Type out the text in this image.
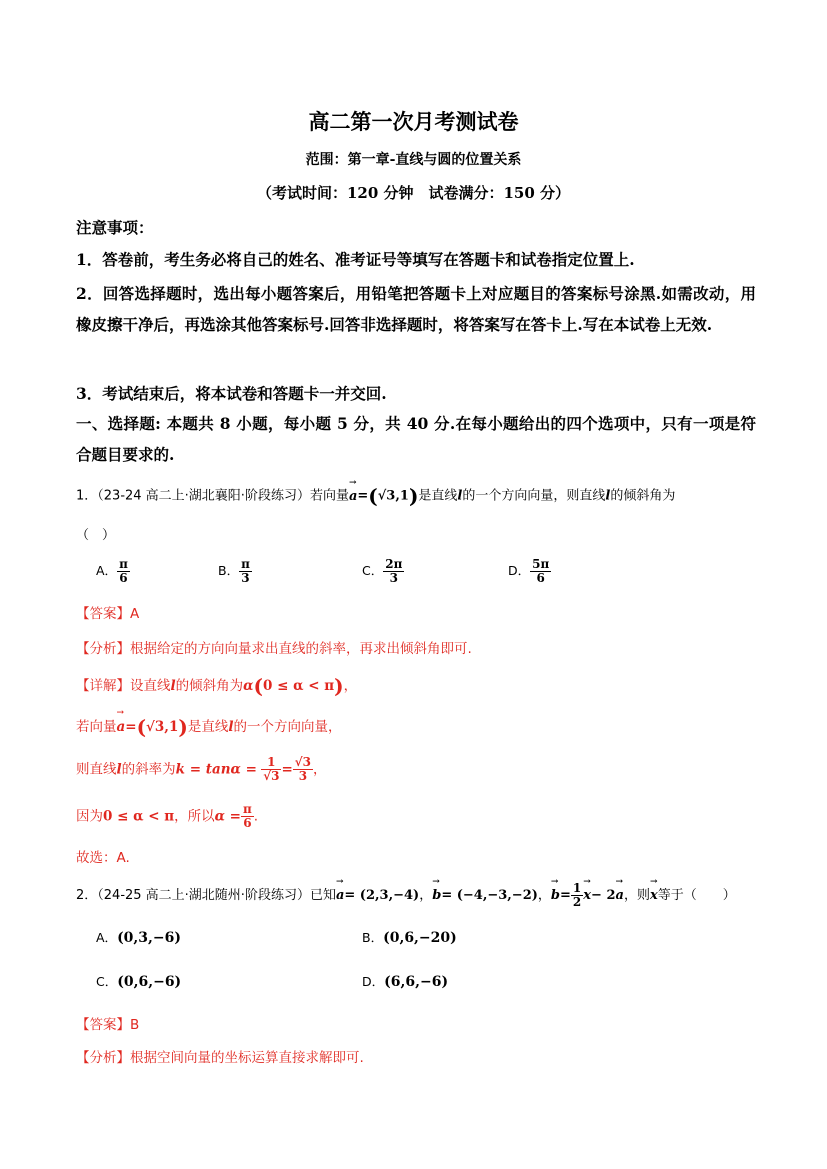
高二第一次月考测试卷
范围：第一章-直线与圆的位置关系
（考试时间：120 分钟　试卷满分：150 分）
注意事项：
1．答卷前，考生务必将自己的姓名、准考证号等填写在答题卡和试卷指定位置上.
2．回答选择题时，选出每小题答案后，用铅笔把答题卡上对应题目的答案标号涂黑.如需改动，用橡皮擦干净后，再选涂其他答案标号.回答非选择题时，将答案写在答卡上.写在本试卷上无效.
3．考试结束后，将本试卷和答题卡一并交回.
一、选择题: 本题共 8 小题，每小题 5 分，共 40 分.在每小题给出的四个选项中，只有一项是符合题目要求的.
1．（23-24 高二上·湖北襄阳·阶段练习）若向量→ a=(√3,1)是直线l的一个方向向量，则直线l的倾斜角为
（　）
A． $\frac{\pi}{6}$	B． $\frac{\pi}{3}$	C． $\frac{2\pi}{3}$	D． $\frac{5\pi}{6}$
【答案】A
【分析】根据给定的方向向量求出直线的斜率，再求出倾斜角即可.
【详解】设直线l的倾斜角为α(0 ≤ α < π)，
若向量→ a=(√3,1)是直线l的一个方向向量，
则直线l的斜率为$k = \tan\alpha = \frac{1}{√3} = \frac{√3}{3}$ ，
因为0 ≤ α < π，所以$\alpha = \frac{\pi}{6}$ .
故选：A.
2．（24-25 高二上·湖北随州·阶段练习）已知→ a= (2,3,−4)，→ b= (−4,−3,−2)，→ $b= \frac{1}{2} \to x- 2\to a$，则→ x等于（　　）
A．(0,3,−6)	B．(0,6,−20)
C．(0,6,−6)	D．(6,6,−6)
【答案】B
【分析】根据空间向量的坐标运算直接求解即可.
